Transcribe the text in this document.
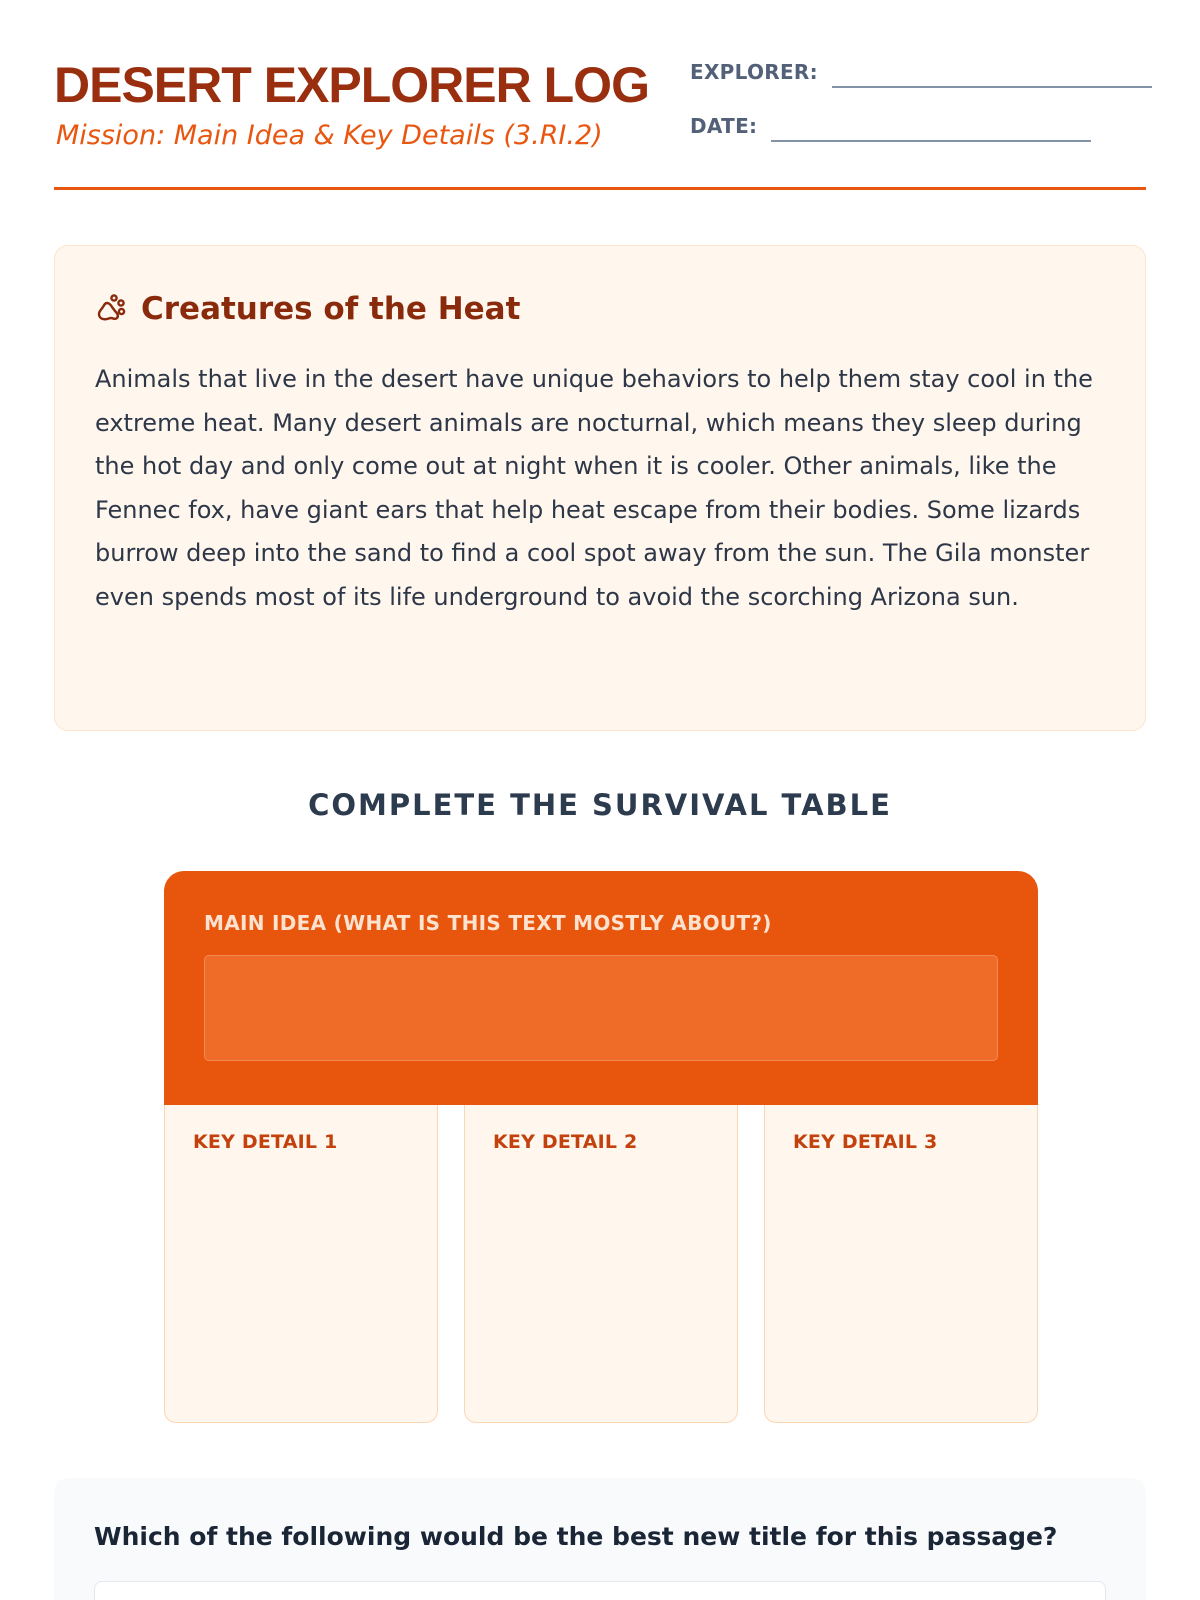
DESERT EXPLORER LOG
Mission: Main Idea & Key Details (3.RI.2)
EXPLORER:
DATE:
Creatures of the Heat

Animals that live in the desert have unique behaviors to help them stay cool in the extreme heat. Many desert animals are nocturnal, which means they sleep during the hot day and only come out at night when it is cooler. Other animals, like the Fennec fox, have giant ears that help heat escape from their bodies. Some lizards burrow deep into the sand to find a cool spot away from the sun. The Gila monster even spends most of its life underground to avoid the scorching Arizona sun.

COMPLETE THE SURVIVAL TABLE
MAIN IDEA (WHAT IS THIS TEXT MOSTLY ABOUT?)
KEY DETAIL 1	KEY DETAIL 2	KEY DETAIL 3
Which of the following would be the best new title for this passage?
